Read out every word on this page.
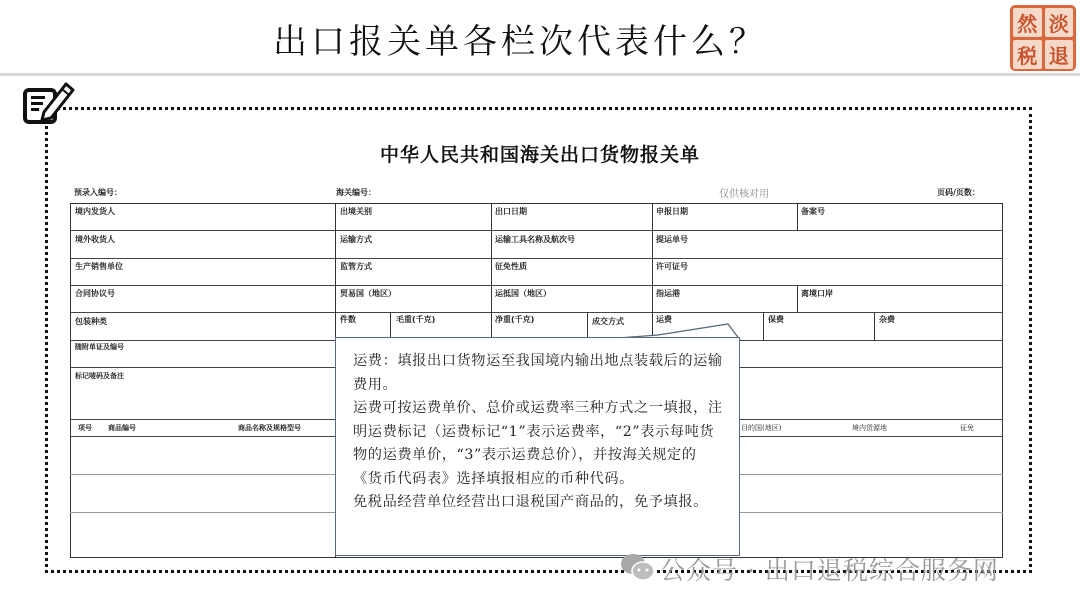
出口报关单各栏次代表什么？	然 淡
税 退
中华人民共和国海关出口货物报关单
预录入编号：	海关编号：	仅供核对用	页码/页数：
境内发货人	出境关别	出口日期	申报日期	备案号
境外收货人	运输方式	运输工具名称及航次号	提运单号
生产销售单位	监管方式	征免性质	许可证号
合同协议号	贸易国（地区）	运抵国（地区）	指运港	离境口岸
包装种类	件数	毛重(千克)	净重(千克)	成交方式	运费	保费	杂费
随附单证及编号
标记唛码及备注
项号 商品编号	商品名称及规格型号	目的国(地区)	境内货源地	征免

运费：填报出口货物运至我国境内输出地点装载后的运输费用。

运费可按运费单价、总价或运费率三种方式之一填报，注明运费标记（运费标记“1”表示运费率，“2”表示每吨货物的运费单价，“3”表示运费总价），并按海关规定的《货币代码表》选择填报相应的币种代码。

免税品经营单位经营出口退税国产商品的，免予填报。

公众号 · 出口退税综合服务网
